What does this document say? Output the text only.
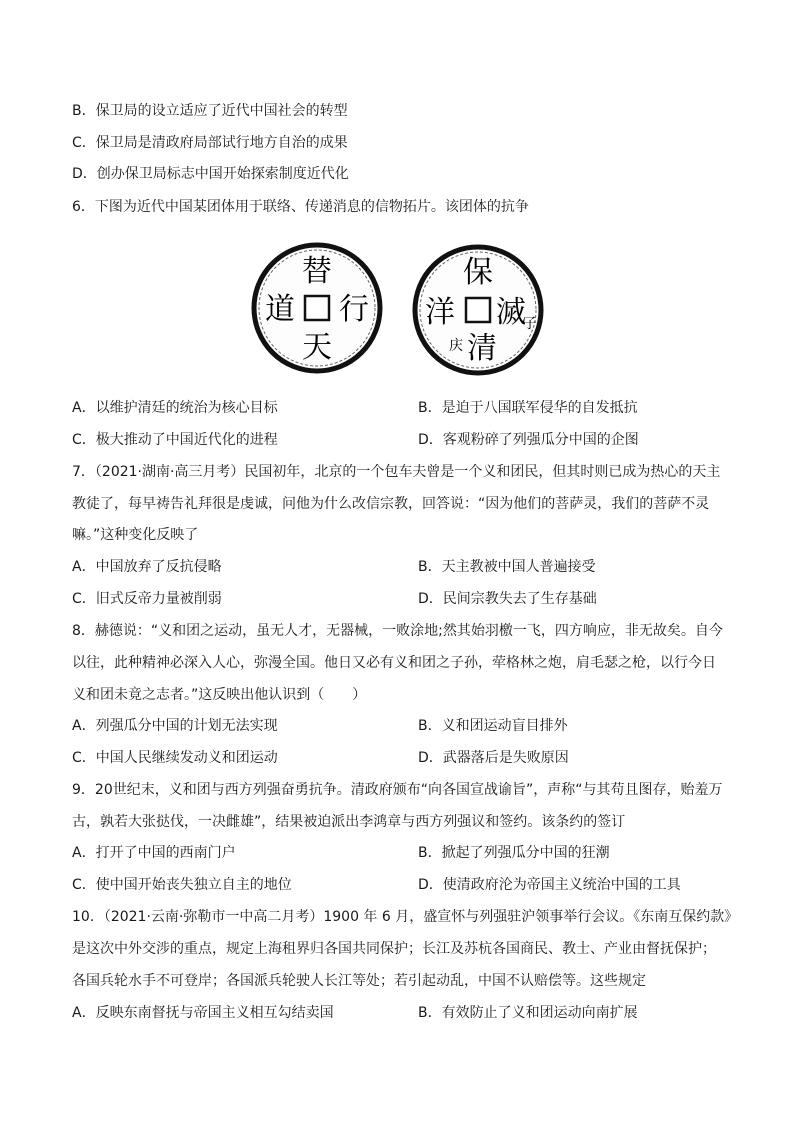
B．保卫局的设立适应了近代中国社会的转型
C．保卫局是清政府局部试行地方自治的成果
D．创办保卫局标志中国开始探索制度近代化
6．下图为近代中国某团体用于联络、传递消息的信物拓片。该团体的抗争
替
道 行
天
保
洋 滅
子
清
庆
A．以维护清廷的统治为核心目标	B．是迫于八国联军侵华的自发抵抗
C．极大推动了中国近代化的进程	D．客观粉碎了列强瓜分中国的企图
7．（2021·湖南·高三月考）民国初年，北京的一个包车夫曾是一个义和团民，但其时则已成为热心的天主
教徒了，每早祷告礼拜很是虔诚，问他为什么改信宗教，回答说：“因为他们的菩萨灵，我们的菩萨不灵
嘛。”这种变化反映了
A．中国放弃了反抗侵略	B．天主教被中国人普遍接受
C．旧式反帝力量被削弱	D．民间宗教失去了生存基础
8．赫德说：“义和团之运动，虽无人才，无器械，一败涂地;然其始羽檄一飞，四方响应，非无故矣。自今
以往，此种精神必深入人心，弥漫全国。他日又必有义和团之子孙，荦格林之炮，肩毛瑟之枪，以行今日
义和团未竟之志者。”这反映出他认识到（　　）
A．列强瓜分中国的计划无法实现	B．义和团运动盲目排外
C．中国人民继续发动义和团运动	D．武器落后是失败原因
9．20世纪末，义和团与西方列强奋勇抗争。清政府颁布“向各国宣战谕旨”，声称“与其苟且图存，贻羞万
古，孰若大张挞伐，一决雌雄”，结果被迫派出李鸿章与西方列强议和签约。该条约的签订
A．打开了中国的西南门户	B．掀起了列强瓜分中国的狂潮
C．使中国开始丧失独立自主的地位	D．使清政府沦为帝国主义统治中国的工具
10．（2021·云南·弥勒市一中高二月考）1900 年 6 月，盛宣怀与列强驻沪领事举行会议。《东南互保约款》
是这次中外交涉的重点，规定上海租界归各国共同保护；长江及苏杭各国商民、教士、产业由督抚保护；
各国兵轮水手不可登岸；各国派兵轮驶人长江等处；若引起动乱，中国不认赔偿等。这些规定
A．反映东南督抚与帝国主义相互勾结卖国	B．有效防止了义和团运动向南扩展
